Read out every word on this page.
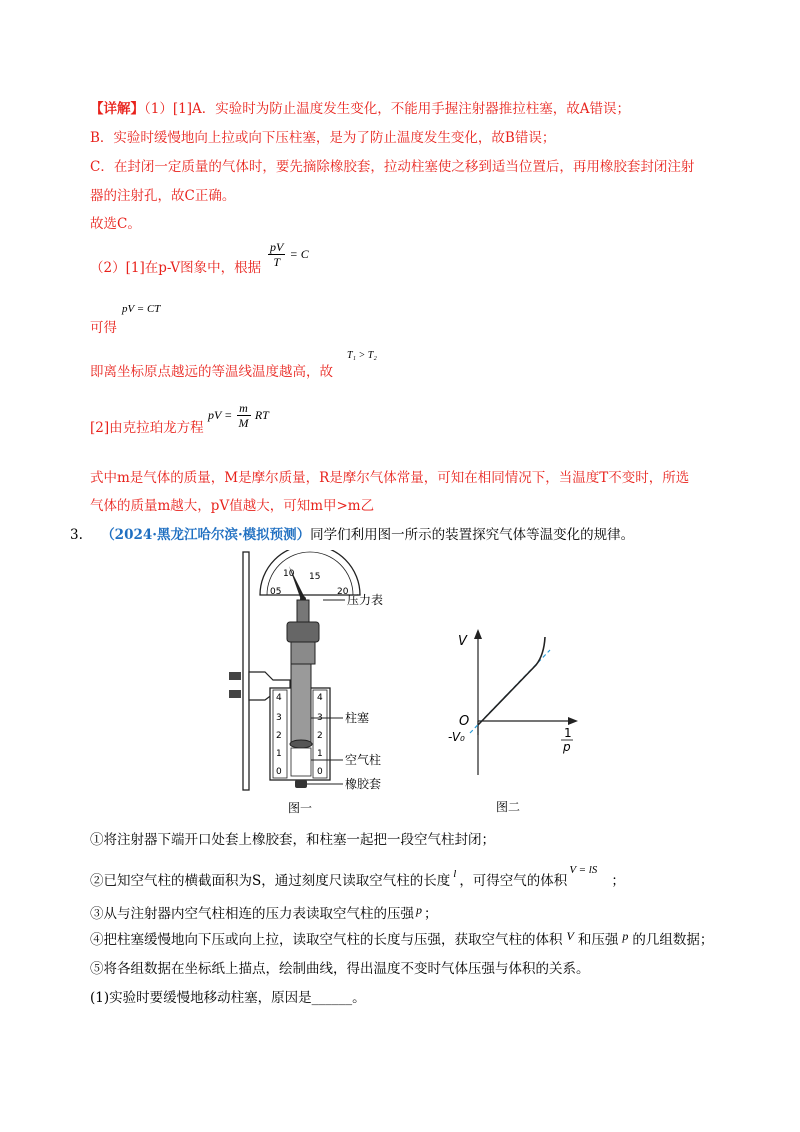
【详解】（1）[1]A．实验时为防止温度发生变化，不能用手握注射器推拉柱塞，故A错误；
B．实验时缓慢地向上拉或向下压柱塞，是为了防止温度发生变化，故B错误；
C．在封闭一定质量的气体时，要先摘除橡胶套，拉动柱塞使之移到适当位置后，再用橡胶套封闭注射
器的注射孔，故C正确。
故选C。
（2）[1]在p-V图象中，根据 $\frac{pV}{T} = C$
可得
pV = CT
即离坐标原点越远的等温线温度越高，故
T₁ > T₂
[2]由克拉珀龙方程
pV = $\frac{m}{M}$ RT
式中m是气体的质量，M是摩尔质量，R是摩尔气体常量，可知在相同情况下，当温度T不变时，所选
气体的质量m越大，pV值越大，可知m甲>m乙
3. （2024·黑龙江哈尔滨·模拟预测）同学们利用图一所示的装置探究气体等温变化的规律。
05
10 15
20
压力表
4
3
2
1
0
4
3
2
1
0
柱塞
空气柱
橡胶套
图一
V
O
-V₀	1
p
图二
①将注射器下端开口处套上橡胶套，和柱塞一起把一段空气柱封闭；
②已知空气柱的横截面积为S，通过刻度尺读取空气柱的长度 $^l$ ，可得空气的体积$^{V = lS}$；
③从与注射器内空气柱相连的压力表读取空气柱的压强 p ；
④把柱塞缓慢地向下压或向上拉，读取空气柱的长度与压强，获取空气柱的体积 V 和压强 p 的几组数据；
⑤将各组数据在坐标纸上描点，绘制曲线，得出温度不变时气体压强与体积的关系。
(1)实验时要缓慢地移动柱塞，原因是______。
